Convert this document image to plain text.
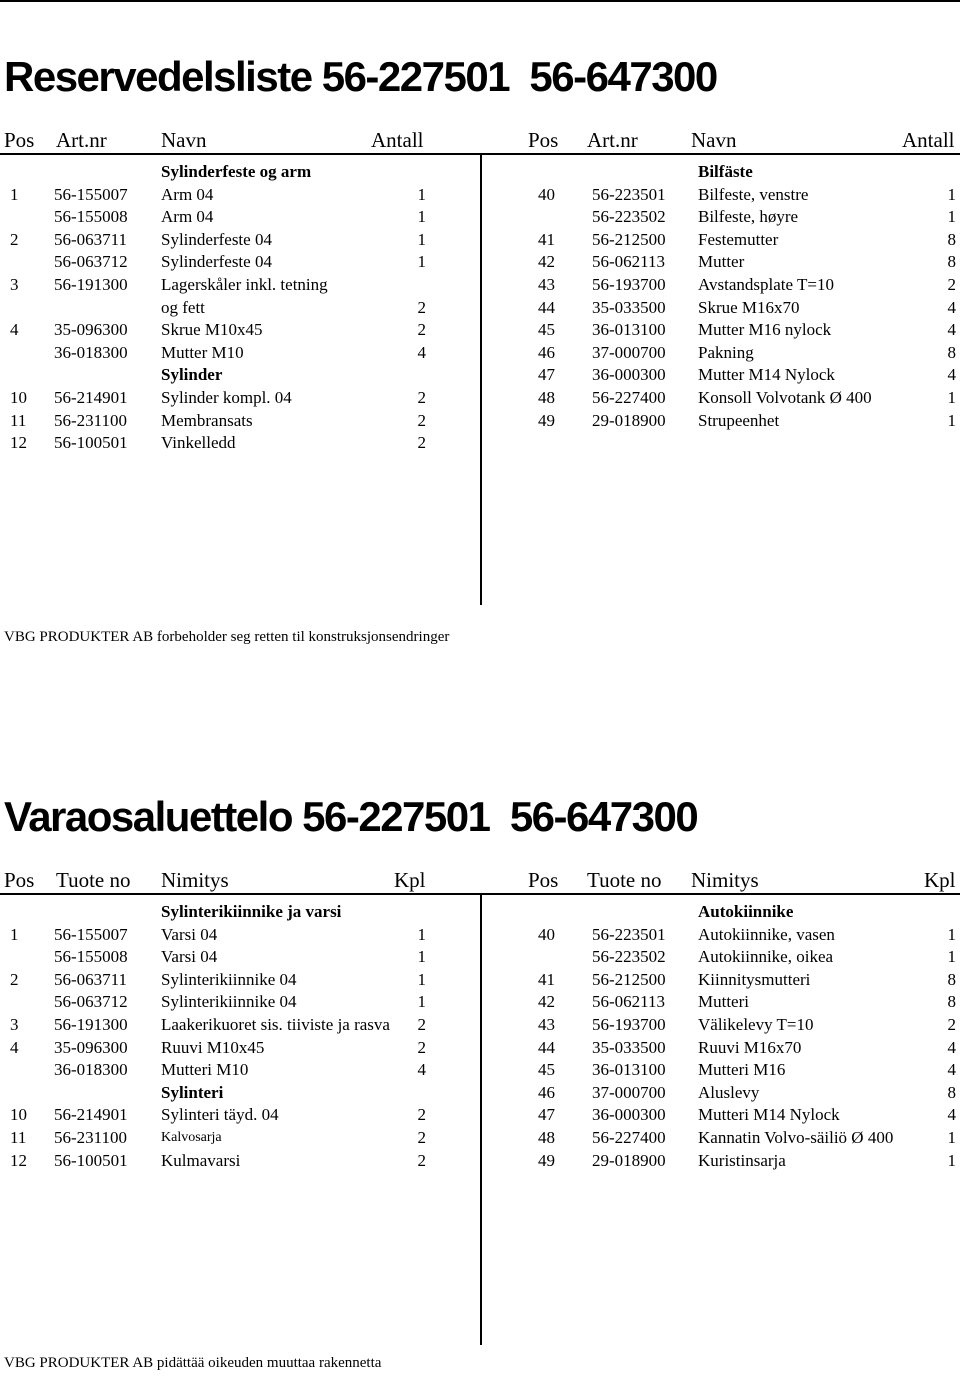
Reservedelsliste 56-227501  56-647300
Pos Art.nr	Navn	Antall	Pos Art.nr	Navn	Antall
Sylinderfeste og arm
1 56-155007 Arm 04	1
56-155008 Arm 04	1
2 56-063711 Sylinderfeste 04	1
56-063712 Sylinderfeste 04	1
3 56-191300 Lagerskåler inkl. tetning
og fett	2
4 35-096300 Skrue M10x45	2
36-018300 Mutter M10	4
Sylinder
10 56-214901 Sylinder kompl. 04	2
11 56-231100 Membransats	2
12 56-100501 Vinkelledd	2
Bilfäste
40 56-223501 Bilfeste, venstre	1
56-223502 Bilfeste, høyre	1
41 56-212500 Festemutter	8
42 56-062113 Mutter	8
43 56-193700 Avstandsplate T=10	2
44 35-033500 Skrue M16x70	4
45 36-013100 Mutter M16 nylock	4
46 37-000700 Pakning	8
47 36-000300 Mutter M14 Nylock	4
48 56-227400 Konsoll Volvotank Ø 400	1
49 29-018900 Strupeenhet	1
VBG PRODUKTER AB forbeholder seg retten til konstruksjonsendringer
Varaosaluettelo 56-227501  56-647300
Pos Tuote no Nimitys	Kpl	Pos Tuote no Nimitys	Kpl
Sylinterikiinnike ja varsi
1 56-155007 Varsi 04	1
56-155008 Varsi 04	1
2 56-063711 Sylinterikiinnike 04	1
56-063712 Sylinterikiinnike 04	1
3 56-191300 Laakerikuoret sis. tiiviste ja rasva 2
4 35-096300 Ruuvi M10x45	2
36-018300 Mutteri M10	4
Sylinteri
10 56-214901 Sylinteri täyd. 04	2
11 56-231100 Kalvosarja	2
12 56-100501 Kulmavarsi	2
Autokiinnike
40 56-223501 Autokiinnike, vasen	1
56-223502 Autokiinnike, oikea	1
41 56-212500 Kiinnitysmutteri	8
42 56-062113 Mutteri	8
43 56-193700 Välikelevy T=10	2
44 35-033500 Ruuvi M16x70	4
45 36-013100 Mutteri M16	4
46 37-000700 Aluslevy	8
47 36-000300 Mutteri M14 Nylock	4
48 56-227400 Kannatin Volvo-säiliö Ø 400	1
49 29-018900 Kuristinsarja	1
VBG PRODUKTER AB pidättää oikeuden muuttaa rakennetta
